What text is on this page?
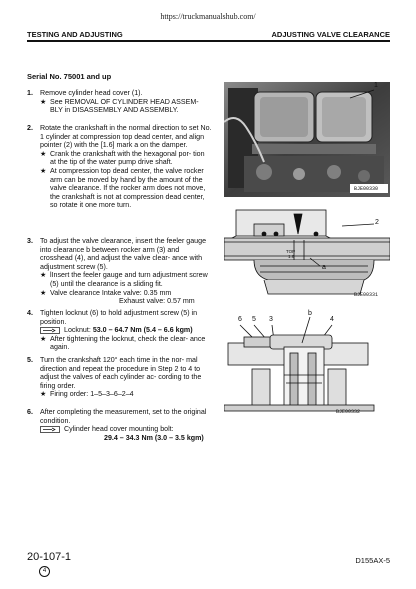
https://truckmanualshub.com/
TESTING AND ADJUSTING	ADJUSTING VALVE CLEARANCE
Serial No. 75001 and up
1. Remove cylinder head cover (1).
★ See REMOVAL OF CYLINDER HEAD ASSEM- BLY in DISASSEMBLY AND ASSEMBLY.
2. Rotate the crankshaft in the normal direction to set No. 1 cylinder at compression top dead center, and align pointer (2) with the [1.6] mark a on the damper.
★ Crank the crankshaft with the hexagonal por- tion at the tip of the water pump drive shaft.
★ At compression top dead center, the valve rocker arm can be moved by hand by the amount of the valve clearance. If the rocker arm does not move, the crankshaft is not at compression dead center, so rotate it one more turn.
3. To adjust the valve clearance, insert the feeler gauge into clearance b between rocker arm (3) and crosshead (4), and adjust the valve clear- ance with adjustment screw (5).
★ lInsert the feeler gauge and turn adjustment screw (5) until the clearance is a sliding fit.
★ Valve clearance Intake valve: 0.35 mm
Exhaust valve: 0.57 mm
4. Tighten locknut (6) to hold adjustment screw (5) in position.
Locknut: 53.0 – 64.7 Nm (5.4 – 6.6 kgm)
★ After tightening the locknut, check the clear- ance again.
5. Turn the crankshaft 120° each time in the nor- mal direction and repeat the procedure in Step 2 to 4 to adjust the valves of each cylinder ac- cording to the firing order.
★ Firing order: 1–5–3–6–2–4
6. After completing the measurement, set to the original condition.
Cylinder head cover mounting bolt:
29.4 – 34.3 Nm (3.0 – 3.5 kgm)
BJE00330
1
2
TOP
1.6
a
BJE00331
6 5 3	4
b
BJE00332
20-107-1	D155AX-5
4
